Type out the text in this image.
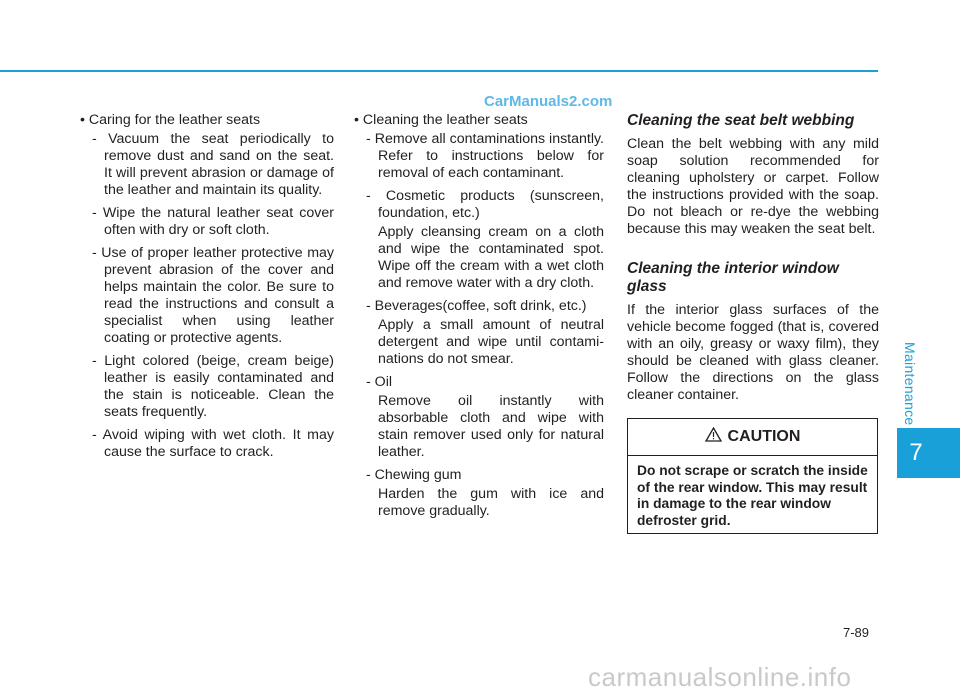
CarManuals2.com
• Caring for the leather seats
- Vacuum the seat periodically to remove dust and sand on the seat. It will prevent abrasion or damage of the leather and maintain its quality.
- Wipe the natural leather seat cover often with dry or soft cloth.
- Use of proper leather protective may prevent abrasion of the cover and helps maintain the color. Be sure to read the instructions and consult a specialist when using leather coating or protective agents.
- Light colored (beige, cream beige) leather is easily contaminated and the stain is noticeable. Clean the seats frequently.
- Avoid wiping with wet cloth. It may cause the surface to crack.
• Cleaning the leather seats
- Remove all contaminations instantly. Refer to instructions below for removal of each contaminant.
- Cosmetic products (sunscreen, foundation, etc.)
Apply cleansing cream on a cloth and wipe the contaminated spot. Wipe off the cream with a wet cloth and remove water with a dry cloth.
- Beverages(coffee, soft drink, etc.)
Apply a small amount of neutral detergent and wipe until contaminations do not smear.
- Oil
Remove oil instantly with absorbable cloth and wipe with stain remover used only for natural leather.
- Chewing gum
Harden the gum with ice and remove gradually.
Cleaning the seat belt webbing
Clean the belt webbing with any mild soap solution recommended for cleaning upholstery or carpet. Follow the instructions provided with the soap. Do not bleach or re-dye the webbing because this may weaken the seat belt.
Cleaning the interior window glass
If the interior glass surfaces of the vehicle become fogged (that is, covered with an oily, greasy or waxy film), they should be cleaned with glass cleaner. Follow the directions on the glass cleaner container.
CAUTION
Do not scrape or scratch the inside of the rear window. This may result in damage to the rear window defroster grid.
Maintenance
7
7-89
carmanualsonline.info
